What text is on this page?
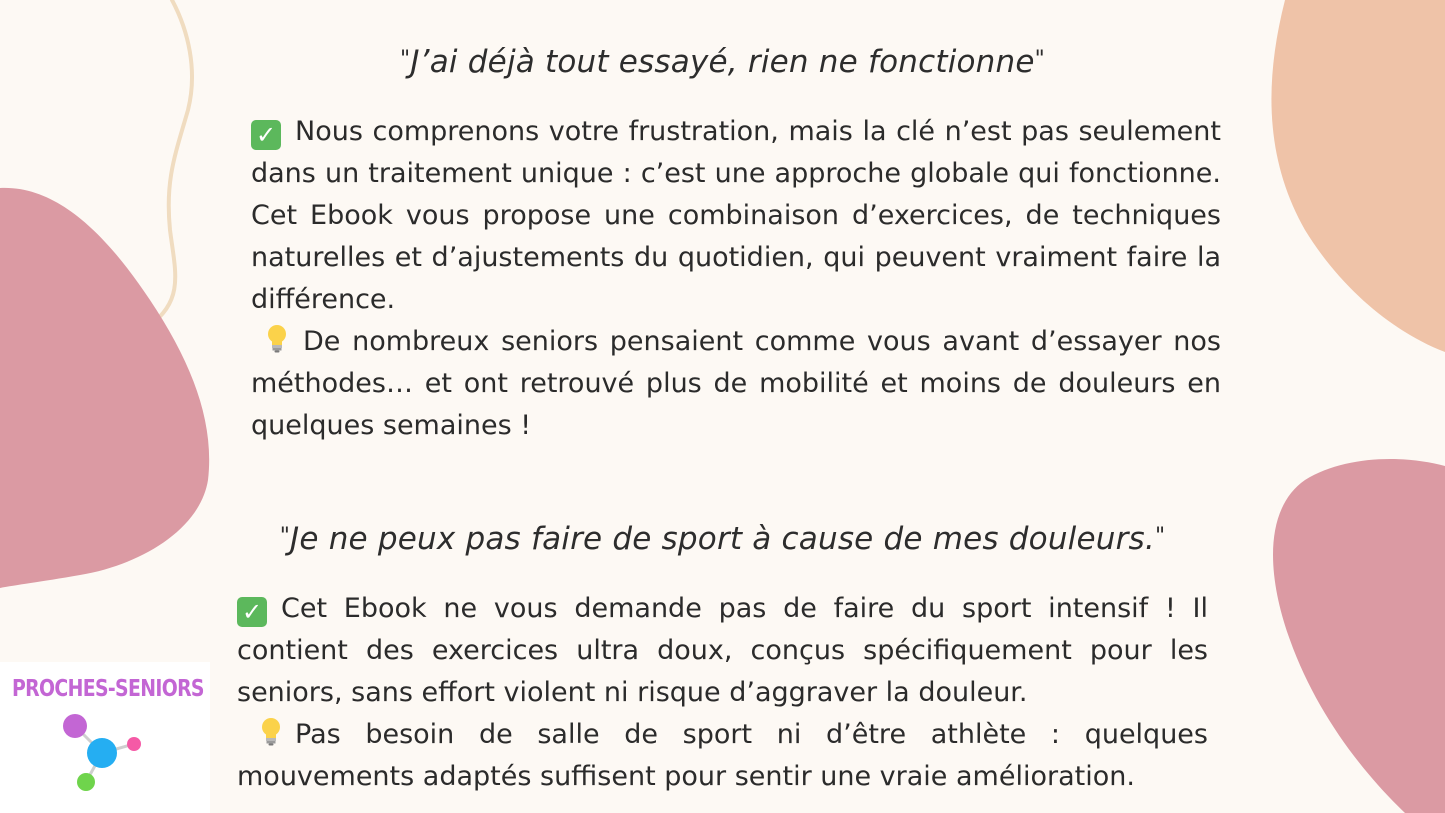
"J’ai déjà tout essayé, rien ne fonctionne"
✓ Nous comprenons votre frustration, mais la clé n’est pas seulement dans un traitement unique : c’est une approche globale qui fonctionne. Cet Ebook vous propose une combinaison d’exercices, de techniques naturelles et d’ajustements du quotidien, qui peuvent vraiment faire la différence.
De nombreux seniors pensaient comme vous avant d’essayer nos méthodes… et ont retrouvé plus de mobilité et moins de douleurs en quelques semaines !
"Je ne peux pas faire de sport à cause de mes douleurs."
✓ Cet Ebook ne vous demande pas de faire du sport intensif ! Il contient des exercices ultra doux, conçus spécifiquement pour les seniors, sans effort violent ni risque d’aggraver la douleur.
Pas besoin de salle de sport ni d’être athlète : quelques mouvements adaptés suffisent pour sentir une vraie amélioration.
PROCHES-SENIORS
